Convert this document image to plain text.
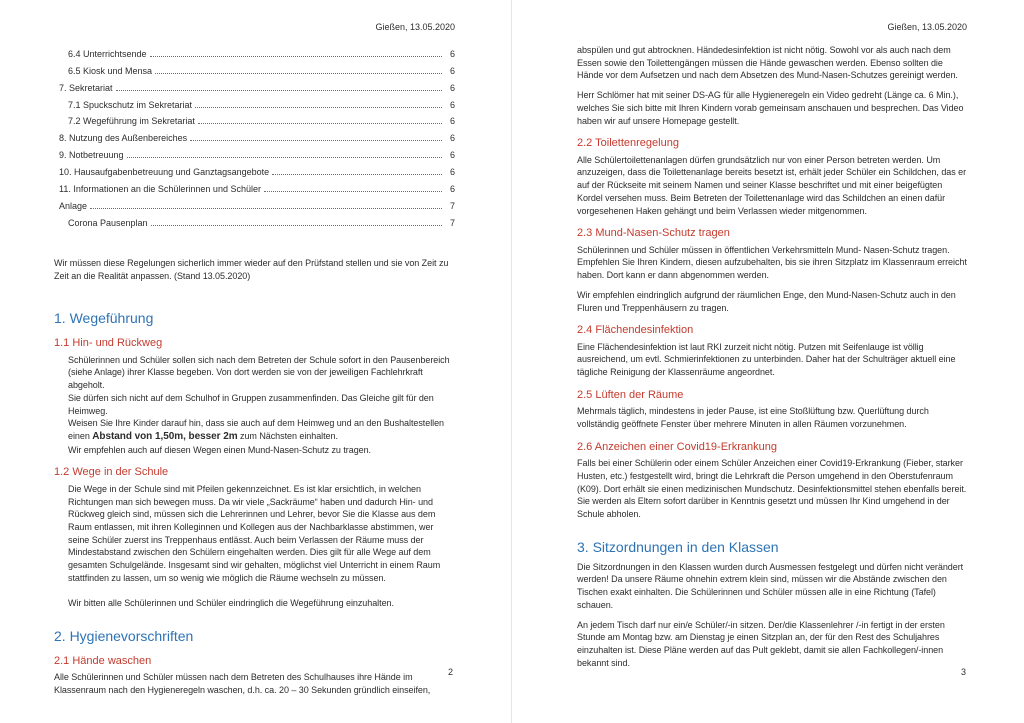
Gießen, 13.05.2020
6.4 Unterrichtsende	6
6.5 Kiosk und Mensa	6
7. Sekretariat	6
7.1 Spuckschutz im Sekretariat	6
7.2 Wegeführung im Sekretariat	6
8. Nutzung des Außenbereiches	6
9. Notbetreuung	6
10. Hausaufgabenbetreuung und Ganztagsangebote	6
11. Informationen an die Schülerinnen und Schüler	6
Anlage	7
Corona Pausenplan	7

Wir müssen diese Regelungen sicherlich immer wieder auf den Prüfstand stellen und sie von Zeit zu Zeit an die Realität anpassen. (Stand 13.05.2020)

1. Wegeführung
1.1 Hin- und Rückweg

Schülerinnen und Schüler sollen sich nach dem Betreten der Schule sofort in den Pausenbereich (siehe Anlage) ihrer Klasse begeben. Von dort werden sie von der jeweiligen Fachlehrkraft abgeholt.

Sie dürfen sich nicht auf dem Schulhof in Gruppen zusammenfinden. Das Gleiche gilt für den Heimweg.

Weisen Sie Ihre Kinder darauf hin, dass sie auch auf dem Heimweg und an den Bushaltestellen einen Abstand von 1,50m, besser 2m zum Nächsten einhalten.

Wir empfehlen auch auf diesen Wegen einen Mund-Nasen-Schutz zu tragen.

1.2 Wege in der Schule

Die Wege in der Schule sind mit Pfeilen gekennzeichnet. Es ist klar ersichtlich, in welchen Richtungen man sich bewegen muss. Da wir viele „Sackräume“ haben und dadurch Hin- und Rückweg gleich sind, müssen sich die Lehrerinnen und Lehrer, bevor Sie die Klasse aus dem Raum entlassen, mit ihren Kolleginnen und Kollegen aus der Nachbarklasse abstimmen, wer seine Schüler zuerst ins Treppenhaus entlässt. Auch beim Verlassen der Räume muss der Mindestabstand zwischen den Schülern eingehalten werden. Dies gilt für alle Wege auf dem gesamten Schulgelände. Insgesamt sind wir gehalten, möglichst viel Unterricht in einem Raum stattfinden zu lassen, um so wenig wie möglich die Räume wechseln zu müssen.

Wir bitten alle Schülerinnen und Schüler eindringlich die Wegeführung einzuhalten.

2. Hygienevorschriften
2.1 Hände waschen

Alle Schülerinnen und Schüler müssen nach dem Betreten des Schulhauses ihre Hände im Klassenraum nach den Hygieneregeln waschen, d.h. ca. 20 – 30 Sekunden gründlich einseifen,

2
Gießen, 13.05.2020

abspülen und gut abtrocknen. Händedesinfektion ist nicht nötig. Sowohl vor als auch nach dem Essen sowie den Toilettengängen müssen die Hände gewaschen werden. Ebenso sollten die Hände vor dem Aufsetzen und nach dem Absetzen des Mund-Nasen-Schutzes gereinigt werden.

Herr Schlömer hat mit seiner DS-AG für alle Hygieneregeln ein Video gedreht (Länge ca. 6 Min.), welches Sie sich bitte mit Ihren Kindern vorab gemeinsam anschauen und besprechen. Das Video haben wir auf unsere Homepage gestellt.

2.2 Toilettenregelung

Alle Schülertoilettenanlagen dürfen grundsätzlich nur von einer Person betreten werden. Um anzuzeigen, dass die Toilettenanlage bereits besetzt ist, erhält jeder Schüler ein Schildchen, das er auf der Rückseite mit seinem Namen und seiner Klasse beschriftet und mit einer beigefügten Kordel versehen muss. Beim Betreten der Toilettenanlage wird das Schildchen an einen dafür vorgesehenen Haken gehängt und beim Verlassen wieder mitgenommen.

2.3 Mund-Nasen-Schutz tragen

Schülerinnen und Schüler müssen in öffentlichen Verkehrsmitteln Mund- Nasen-Schutz tragen. Empfehlen Sie Ihren Kindern, diesen aufzubehalten, bis sie ihren Sitzplatz im Klassenraum erreicht haben. Dort kann er dann abgenommen werden.

Wir empfehlen eindringlich aufgrund der räumlichen Enge, den Mund-Nasen-Schutz auch in den Fluren und Treppenhäusern zu tragen.

2.4 Flächendesinfektion

Eine Flächendesinfektion ist laut RKI zurzeit nicht nötig. Putzen mit Seifenlauge ist völlig ausreichend, um evtl. Schmierinfektionen zu unterbinden. Daher hat der Schulträger aktuell eine tägliche Reinigung der Klassenräume angeordnet.

2.5 Lüften der Räume

Mehrmals täglich, mindestens in jeder Pause, ist eine Stoßlüftung bzw. Querlüftung durch vollständig geöffnete Fenster über mehrere Minuten in allen Räumen vorzunehmen.

2.6 Anzeichen einer Covid19-Erkrankung

Falls bei einer Schülerin oder einem Schüler Anzeichen einer Covid19-Erkrankung (Fieber, starker Husten, etc.) festgestellt wird, bringt die Lehrkraft die Person umgehend in den Oberstufenraum (K09). Dort erhält sie einen medizinischen Mundschutz. Desinfektionsmittel stehen ebenfalls bereit. Sie werden als Eltern sofort darüber in Kenntnis gesetzt und müssen Ihr Kind umgehend in der Schule abholen.

3. Sitzordnungen in den Klassen

Die Sitzordnungen in den Klassen wurden durch Ausmessen festgelegt und dürfen nicht verändert werden! Da unsere Räume ohnehin extrem klein sind, müssen wir die Abstände zwischen den Tischen exakt einhalten. Die Schülerinnen und Schüler müssen alle in eine Richtung (Tafel) schauen.

An jedem Tisch darf nur ein/e Schüler/-in sitzen. Der/die Klassenlehrer /-in fertigt in der ersten Stunde am Montag bzw. am Dienstag je einen Sitzplan an, der für den Rest des Schuljahres einzuhalten ist. Diese Pläne werden auf das Pult geklebt, damit sie allen Fachkollegen/-innen bekannt sind.

3
